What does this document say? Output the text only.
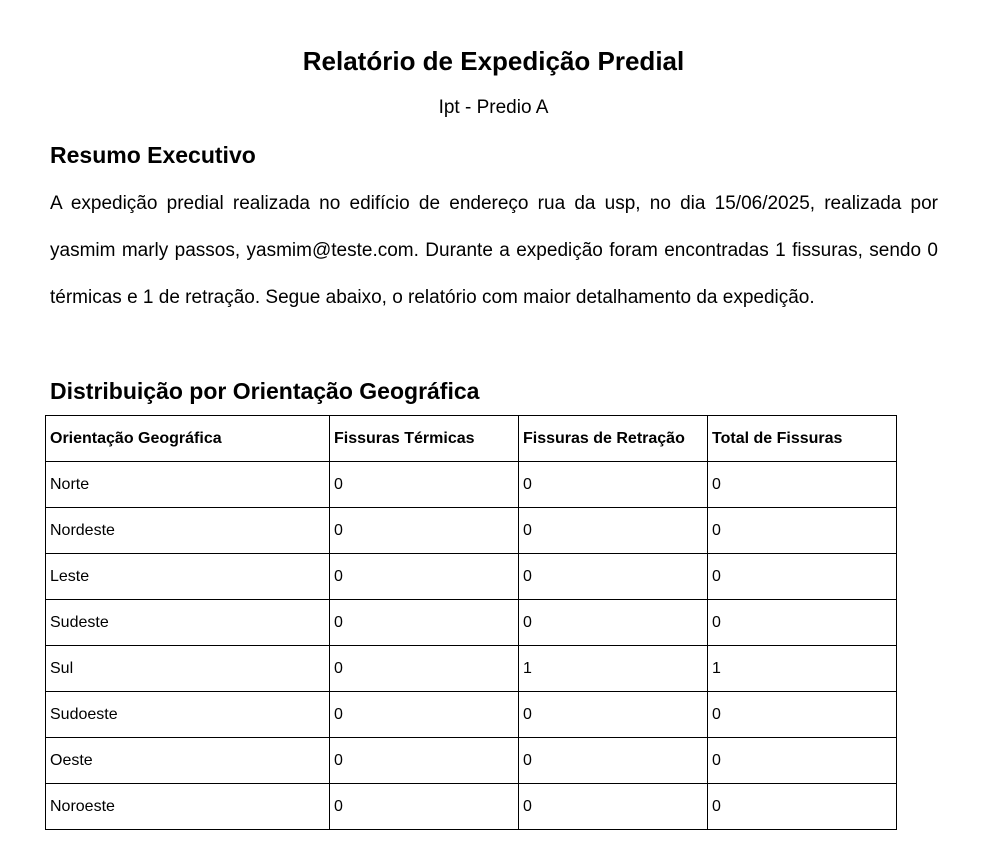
Relatório de Expedição Predial

Ipt - Predio A

Resumo Executivo

A expedição predial realizada no edifício de endereço rua da usp, no dia 15/06/2025, realizada por yasmim marly passos, yasmim@teste.com. Durante a expedição foram encontradas 1 fissuras, sendo 0 térmicas e 1 de retração. Segue abaixo, o relatório com maior detalhamento da expedição.

Distribuição por Orientação Geográfica
Orientação Geográfica	Fissuras Térmicas	Fissuras de Retração	Total de Fissuras
Norte	0	0	0
Nordeste	0	0	0
Leste	0	0	0
Sudeste	0	0	0
Sul	0	1	1
Sudoeste	0	0	0
Oeste	0	0	0
Noroeste	0	0	0
